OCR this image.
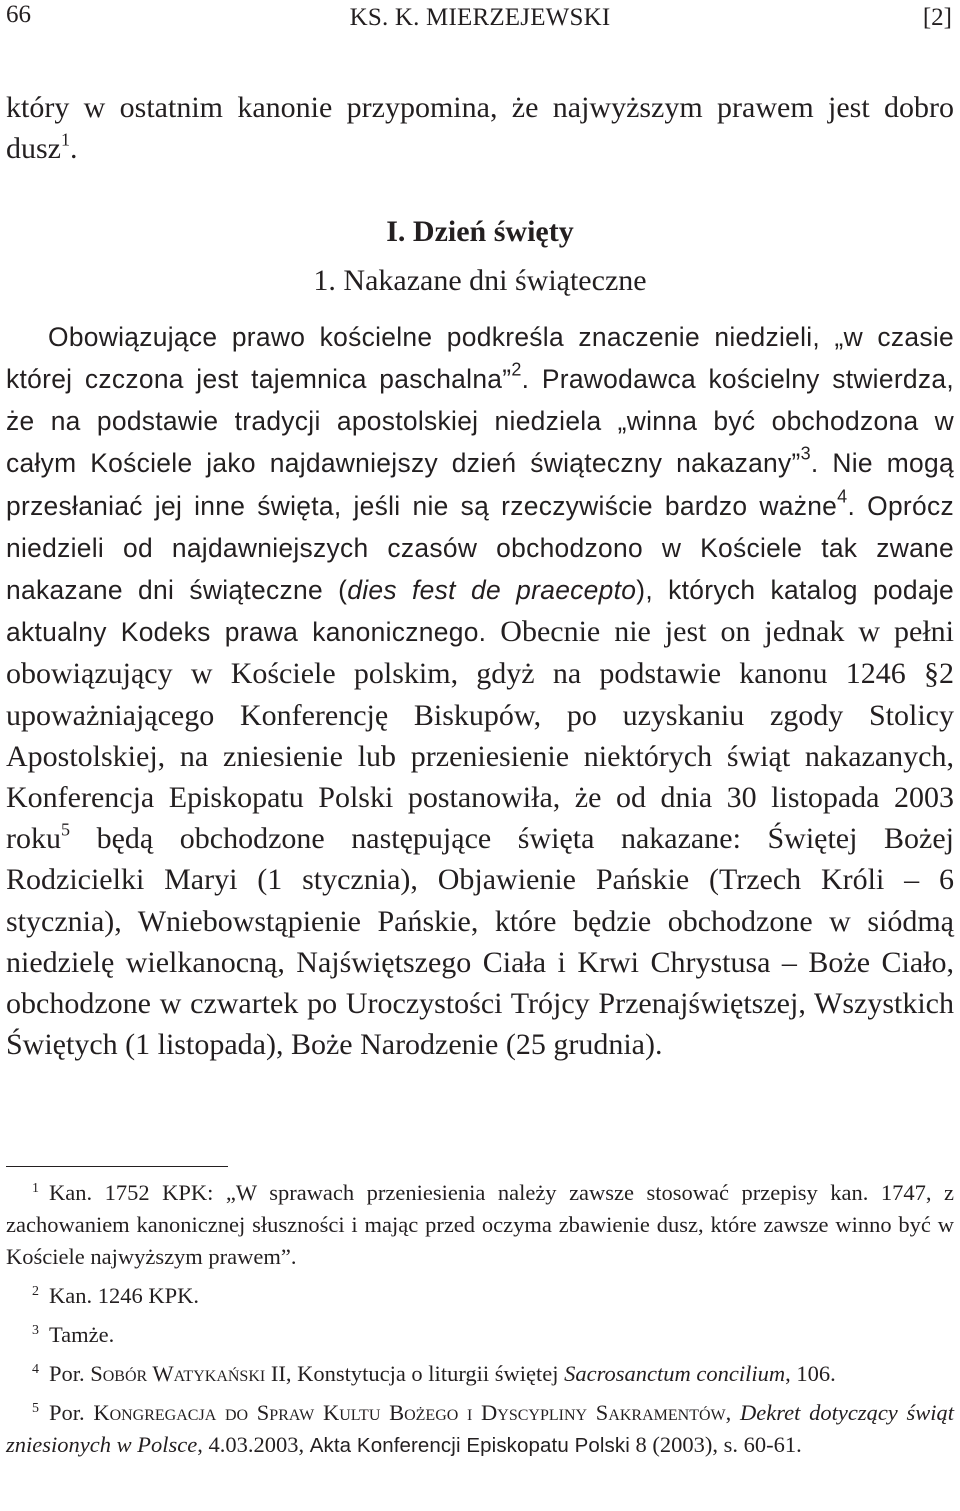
66	KS. K. MIERZEJEWSKI	[2]

który w ostatnim kanonie przypomina, że najwyższym prawem jest dobro dusz$^1$.

I. Dzień święty
1. Nakazane dni świąteczne

Obowiązujące prawo kościelne podkreśla znaczenie niedzieli, „w czasie której czczona jest tajemnica paschalna”$^2$. Prawodawca kościelny stwierdza, że na podstawie tradycji apostolskiej niedziela „winna być obchodzona w całym Kościele jako najdawniejszy dzień świąteczny nakazany”$^3$. Nie mogą przesłaniać jej inne święta, jeśli nie są rzeczywiście bardzo ważne$^4$. Oprócz niedzieli od najdawniejszych czasów obchodzono w Kościele tak zwane nakazane dni świąteczne (dies fest de praecepto), których katalog podaje aktualny Kodeks prawa kanonicznego. Obecnie nie jest on jednak w pełni obowiązujący w Kościele polskim, gdyż na podstawie kanonu 1246 §2 upoważniającego Konferencję Biskupów, po uzyskaniu zgody Stolicy Apostolskiej, na zniesienie lub przeniesienie niektórych świąt nakazanych, Konferencja Episkopatu Polski postanowiła, że od dnia 30 listopada 2003 roku$^5$ będą obchodzone następujące święta nakazane: Świętej Bożej Rodzicielki Maryi (1 stycznia), Objawienie Pańskie (Trzech Króli – 6 stycznia), Wniebowstąpienie Pańskie, które będzie obchodzone w siódmą niedzielę wielkanocną, Najświętszego Ciała i Krwi Chrystusa – Boże Ciało, obchodzone w czwartek po Uroczystości Trójcy Przenajświętszej, Wszystkich Świętych (1 listopada), Boże Narodzenie (25 grudnia).

$^1$ Kan. 1752 KPK: „W sprawach przeniesienia należy zawsze stosować przepisy kan. 1747, z zachowaniem kanonicznej słuszności i mając przed oczyma zbawienie dusz, które zawsze winno być w Kościele najwyższym prawem”.

$^2$ Kan. 1246 KPK.

$^3$ Tamże.

$^4$ Por. Sobór Watykański II, Konstytucja o liturgii świętej Sacrosanctum concilium, 106.

$^5$ Por. Kongregacja do Spraw Kultu Bożego i Dyscypliny Sakramentów, Dekret dotyczący świąt zniesionych w Polsce, 4.03.2003, Akta Konferencji Episkopatu Polski 8 (2003), s. 60-61.
